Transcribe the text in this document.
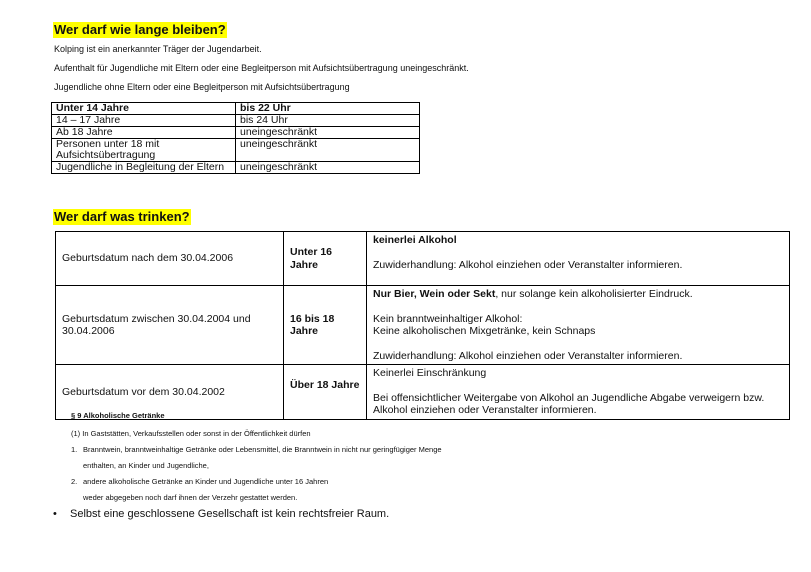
Wer darf wie lange bleiben?
Kolping ist ein anerkannter Träger der Jugendarbeit.
Aufenthalt für Jugendliche mit Eltern oder eine Begleitperson mit Aufsichtsübertragung uneingeschränkt.
Jugendliche ohne Eltern oder eine Begleitperson mit Aufsichtsübertragung
Unter 14 Jahre	bis 22 Uhr
14 – 17 Jahre	bis 24 Uhr
Ab 18 Jahre	uneingeschränkt
Personen unter 18 mit Aufsichtsübertragung	uneingeschränkt
Jugendliche in Begleitung der Eltern	uneingeschränkt
Wer darf was trinken?
Geburtsdatum nach dem 30.04.2006	Unter 16 Jahre	keinerlei Alkohol
Zuwiderhandlung: Alkohol einziehen oder Veranstalter informieren.

Geburtsdatum zwischen 30.04.2004 und 30.04.2006	16 bis 18 Jahre	Nur Bier, Wein oder Sekt, nur solange kein alkoholisierter Eindruck.
Kein branntweinhaltiger Alkohol:
Keine alkoholischen Mixgetränke, kein Schnaps
Zuwiderhandlung: Alkohol einziehen oder Veranstalter informieren.

Geburtsdatum vor dem 30.04.2002	Über 18 Jahre	Keinerlei Einschränkung
Bei offensichtlicher Weitergabe von Alkohol an Jugendliche Abgabe verweigern bzw. Alkohol einziehen oder Veranstalter informieren.
§ 9 Alkoholische Getränke
(1) In Gaststätten, Verkaufsstellen oder sonst in der Öffentlichkeit dürfen
1. Branntwein, branntweinhaltige Getränke oder Lebensmittel, die Branntwein in nicht nur geringfügiger Menge
enthalten, an Kinder und Jugendliche,
2. andere alkoholische Getränke an Kinder und Jugendliche unter 16 Jahren
weder abgegeben noch darf ihnen der Verzehr gestattet werden.
• Selbst eine geschlossene Gesellschaft ist kein rechtsfreier Raum.
